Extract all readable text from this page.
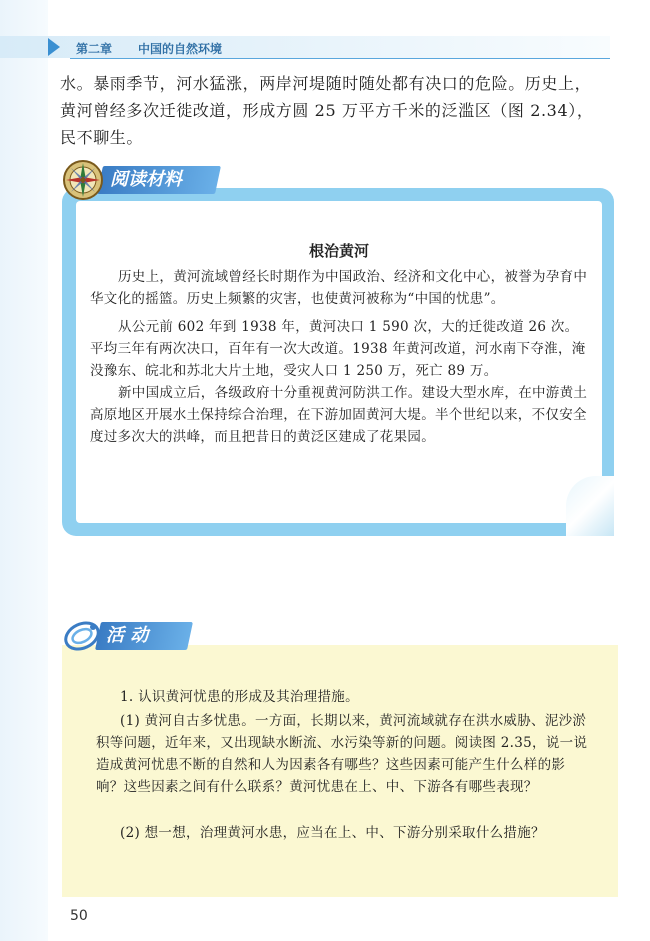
第二章 中国的自然环境

水。暴雨季节，河水猛涨，两岸河堤随时随处都有决口的危险。历史上，黄河曾经多次迁徙改道，形成方圆 25 万平方千米的泛滥区（图 2.34），民不聊生。

阅读材料
根治黄河

历史上，黄河流域曾经长时期作为中国政治、经济和文化中心，被誉为孕育中华文化的摇篮。历史上频繁的灾害，也使黄河被称为“中国的忧患”。

从公元前 602 年到 1938 年，黄河决口 1 590 次，大的迁徙改道 26 次。平均三年有两次决口，百年有一次大改道。1938 年黄河改道，河水南下夺淮，淹没豫东、皖北和苏北大片土地，受灾人口 1 250 万，死亡 89 万。

新中国成立后，各级政府十分重视黄河防洪工作。建设大型水库，在中游黄土高原地区开展水土保持综合治理，在下游加固黄河大堤。半个世纪以来，不仅安全度过多次大的洪峰，而且把昔日的黄泛区建成了花果园。

活 动

1. 认识黄河忧患的形成及其治理措施。

(1) 黄河自古多忧患。一方面，长期以来，黄河流域就存在洪水威胁、泥沙淤积等问题，近年来，又出现缺水断流、水污染等新的问题。阅读图 2.35，说一说造成黄河忧患不断的自然和人为因素各有哪些？这些因素可能产生什么样的影响？这些因素之间有什么联系？黄河忧患在上、中、下游各有哪些表现？

(2) 想一想，治理黄河水患，应当在上、中、下游分别采取什么措施？

50
